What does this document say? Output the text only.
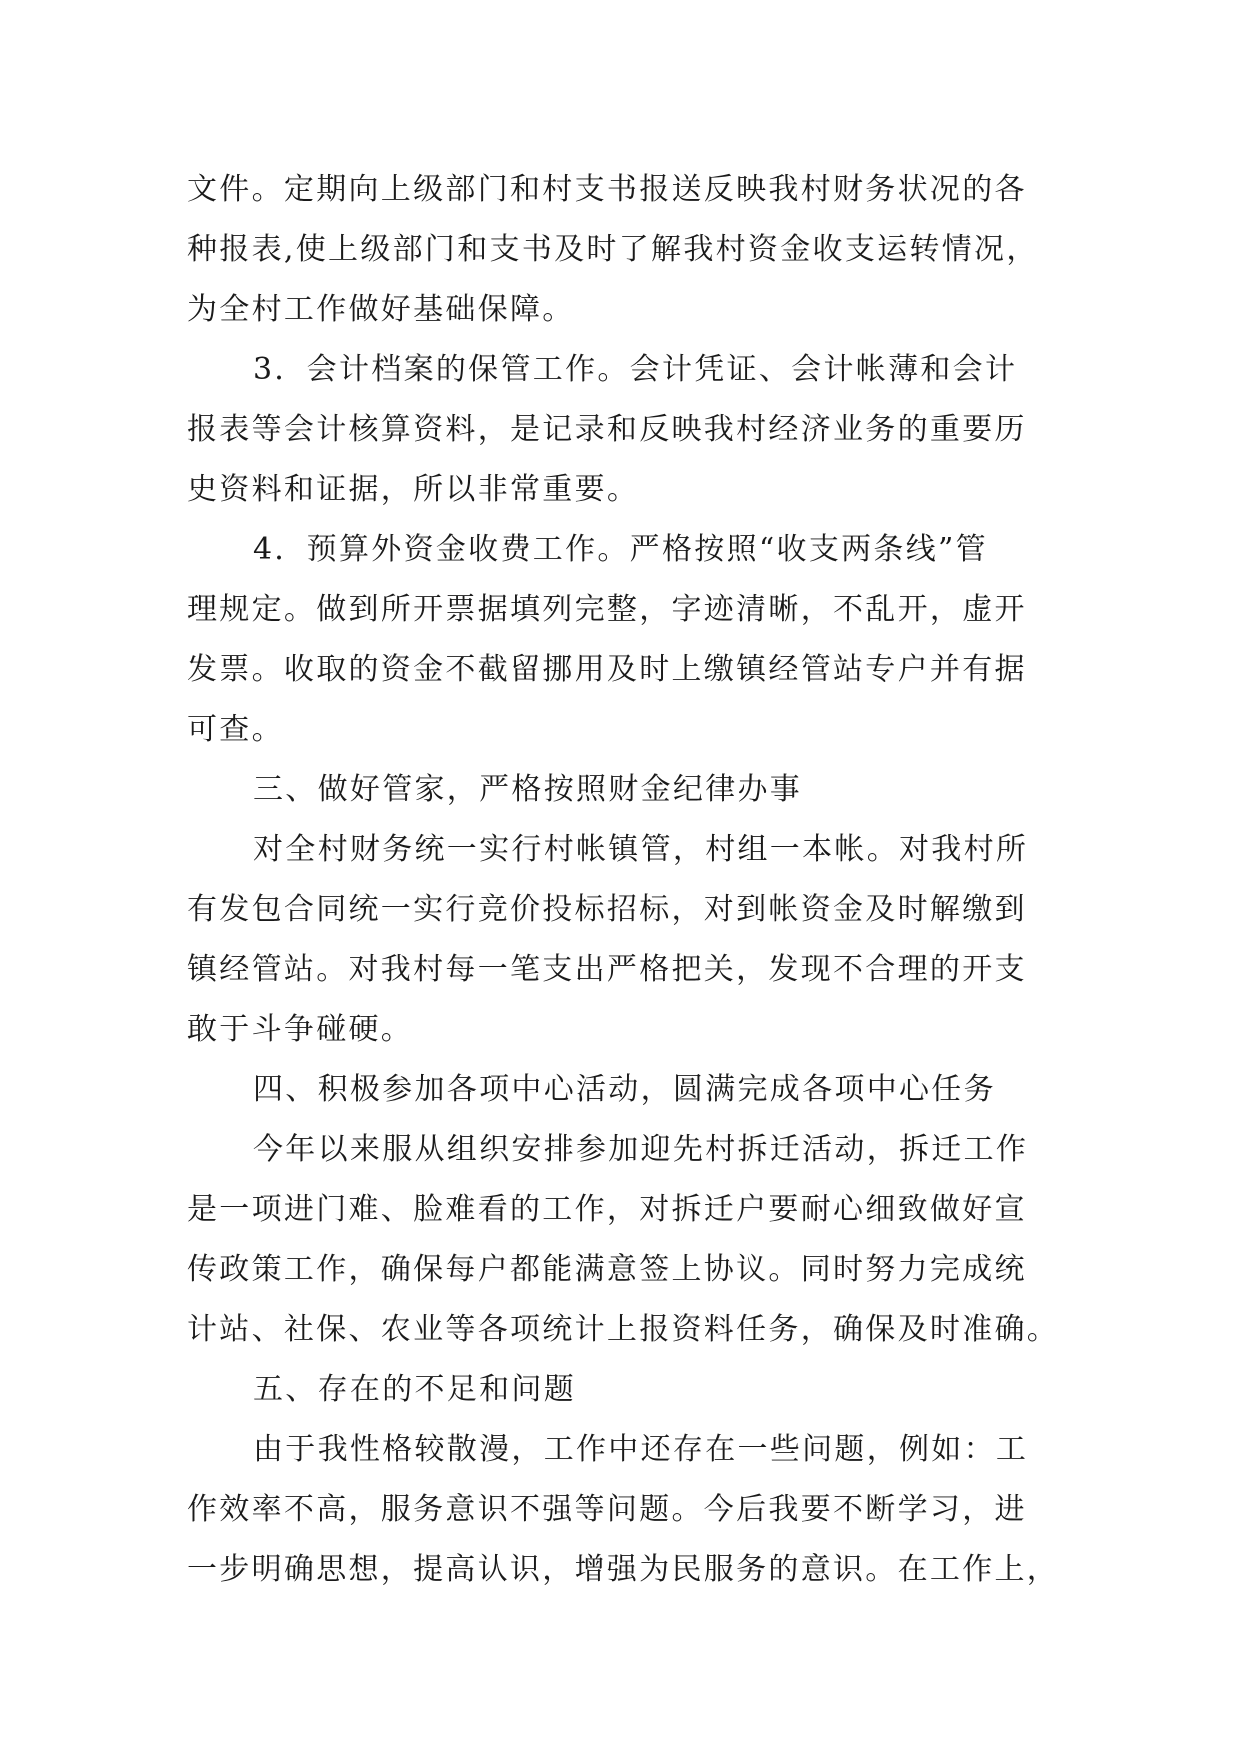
文件。定期向上级部门和村支书报送反映我村财务状况的各
种报表,使上级部门和支书及时了解我村资金收支运转情况，
为全村工作做好基础保障。
3．会计档案的保管工作。会计凭证、会计帐薄和会计
报表等会计核算资料，是记录和反映我村经济业务的重要历
史资料和证据，所以非常重要。
4．预算外资金收费工作。严格按照“收支两条线”管
理规定。做到所开票据填列完整，字迹清晰，不乱开，虚开
发票。收取的资金不截留挪用及时上缴镇经管站专户并有据
可查。
三、做好管家，严格按照财金纪律办事
对全村财务统一实行村帐镇管，村组一本帐。对我村所
有发包合同统一实行竞价投标招标，对到帐资金及时解缴到
镇经管站。对我村每一笔支出严格把关，发现不合理的开支
敢于斗争碰硬。
四、积极参加各项中心活动，圆满完成各项中心任务
今年以来服从组织安排参加迎先村拆迁活动，拆迁工作
是一项进门难、脸难看的工作，对拆迁户要耐心细致做好宣
传政策工作，确保每户都能满意签上协议。同时努力完成统
计站、社保、农业等各项统计上报资料任务，确保及时准确。
五、存在的不足和问题
由于我性格较散漫，工作中还存在一些问题，例如：工
作效率不高，服务意识不强等问题。今后我要不断学习，进
一步明确思想，提高认识，增强为民服务的意识。在工作上，
